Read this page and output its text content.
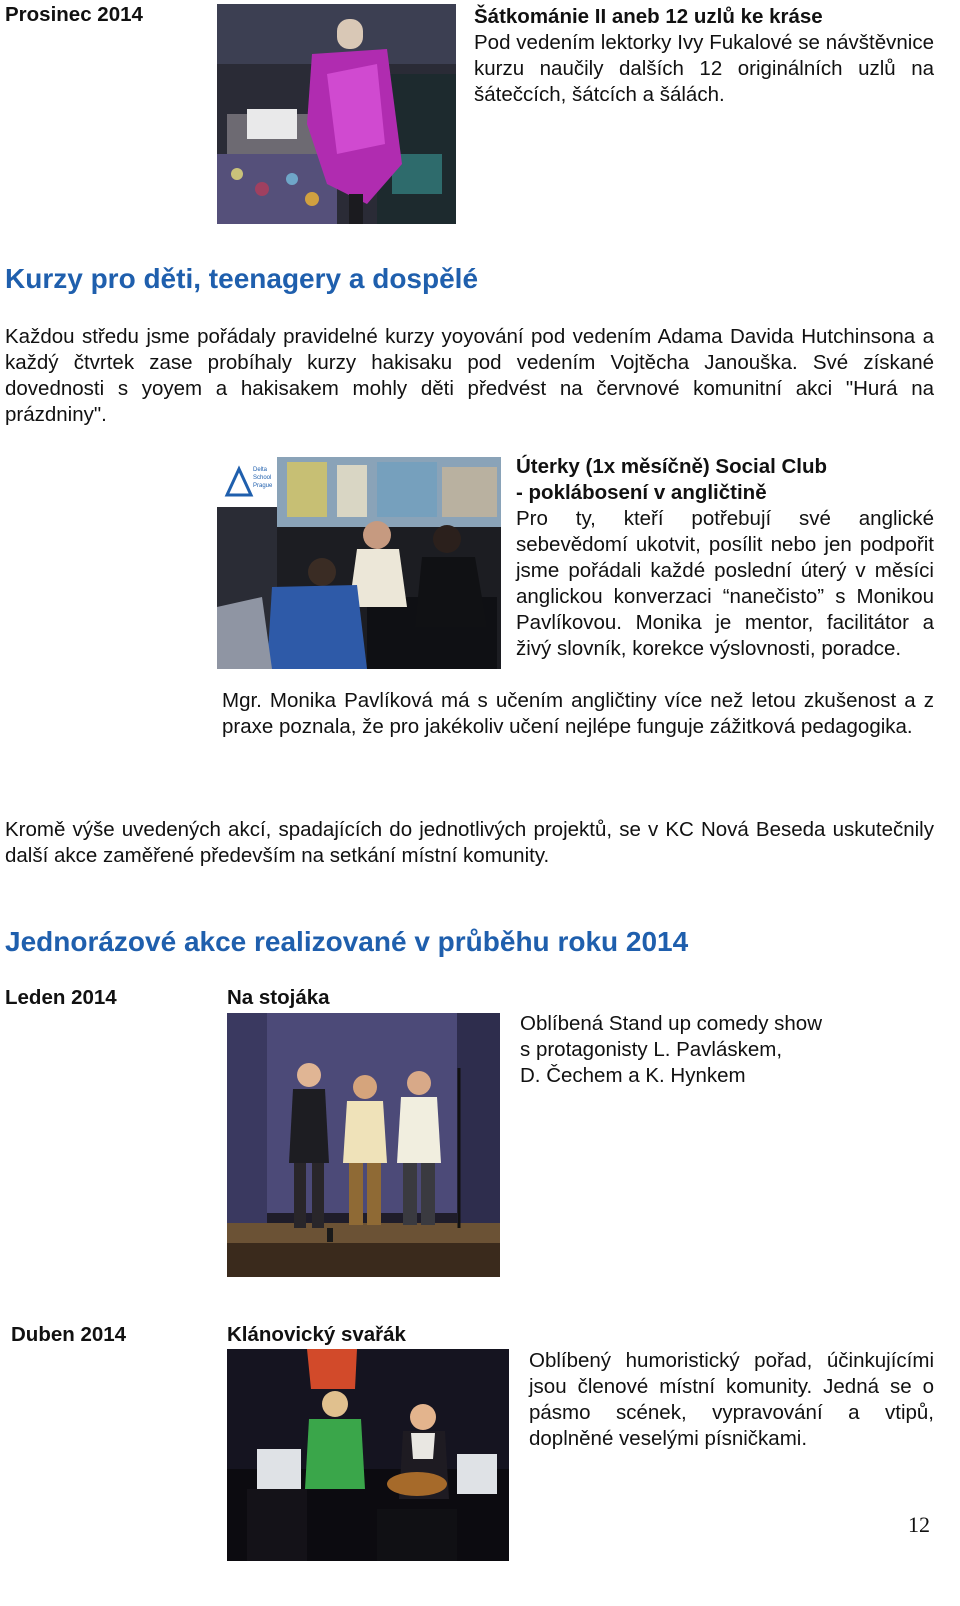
Prosinec 2014	Šátkománie II aneb 12 uzlů ke kráse
Pod vedením lektorky Ivy Fukalové se návštěvnice kurzu naučily dalších 12 originálních uzlů na šátečcích, šátcích a šálách.
Kurzy pro děti, teenagery a dospělé
Každou středu jsme pořádaly pravidelné kurzy yoyování pod vedením Adama Davida Hutchinsona a každý čtvrtek zase probíhaly kurzy hakisaku pod vedením Vojtěcha Janouška. Své získané dovednosti s yoyem a hakisakem mohly děti předvést na červnové komunitní akci "Hurá na prázdniny".
Delta
School
Prague
Úterky (1x měsíčně) Social Club
- poklábosení v angličtině
Pro ty, kteří potřebují své anglické sebevědomí ukotvit, posílit nebo jen podpořit jsme pořádali každé poslední úterý v měsíci anglickou konverzaci “nanečisto” s Monikou Pavlíkovou. Monika je mentor, facilitátor a živý slovník, korekce výslovnosti, poradce.
Mgr. Monika Pavlíková má s učením angličtiny více než letou zkušenost a z praxe poznala, že pro jakékoliv učení nejlépe funguje zážitková pedagogika.
Kromě výše uvedených akcí, spadajících do jednotlivých projektů, se v KC Nová Beseda uskutečnily další akce zaměřené především na setkání místní komunity.
Jednorázové akce realizované v průběhu roku 2014
Leden 2014	Na stojáka
Oblíbená Stand up comedy show
s protagonisty L. Pavláskem,
D. Čechem a K. Hynkem
Duben 2014	Klánovický svařák
Oblíbený humoristický pořad, účinkujícími jsou členové místní komunity. Jedná se o pásmo scének, vypravování a vtipů, doplněné veselými písničkami.
12
